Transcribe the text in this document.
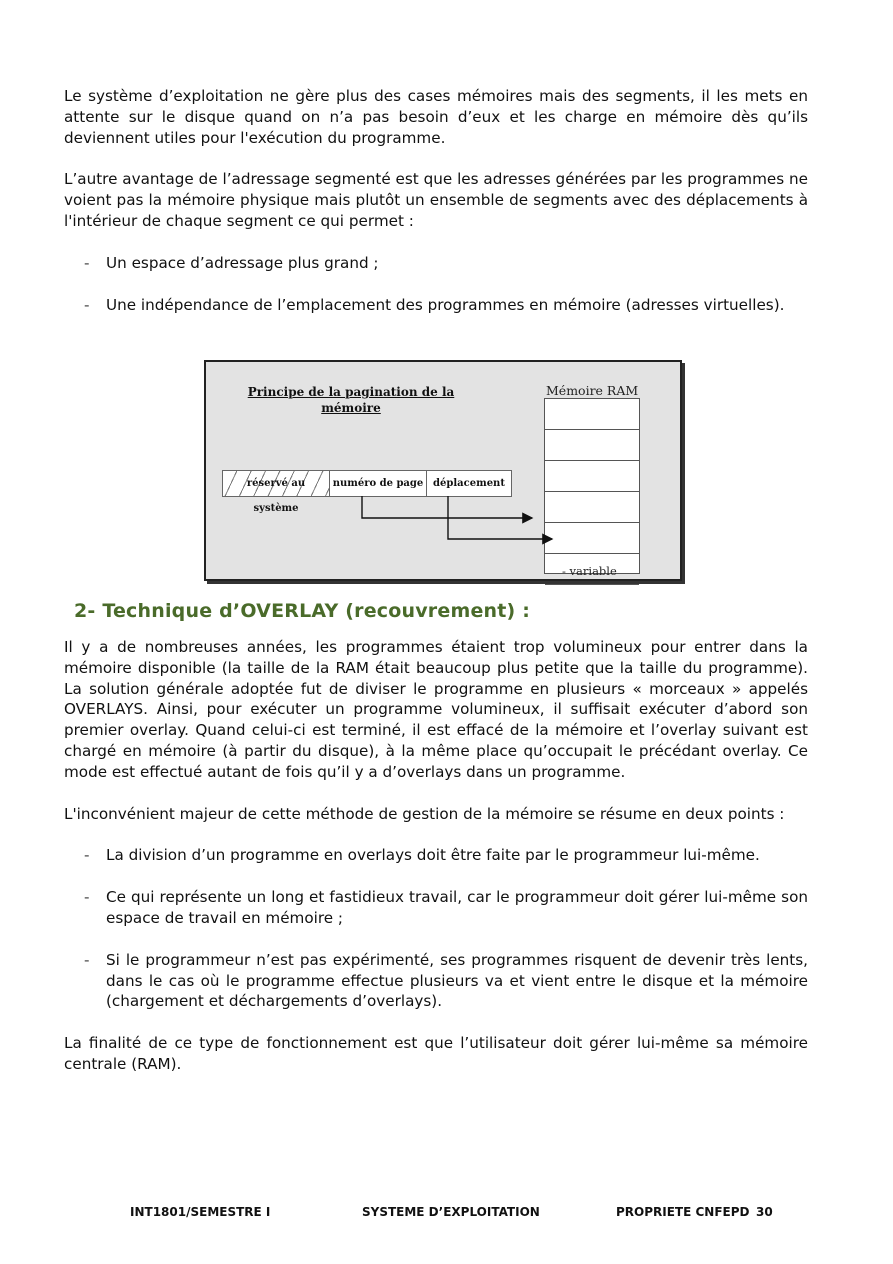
Le système d’exploitation ne gère plus des cases mémoires mais des segments, il les mets en attente sur le disque quand on n’a pas besoin d’eux et les charge en mémoire dès qu’ils deviennent utiles pour l'exécution du programme.

L’autre avantage de l’adressage segmenté est que les adresses générées par les programmes ne voient pas la mémoire physique mais plutôt un ensemble de segments avec des déplacements à l'intérieur de chaque segment ce qui permet :

- Un espace d’adressage plus grand ;

- Une indépendance de l’emplacement des programmes en mémoire (adresses virtuelles).

Principe de la pagination de la mémoire
Mémoire RAM
- variable
réservé au système
numéro de page déplacement
2- Technique d’OVERLAY (recouvrement) :

Il y a de nombreuses années, les programmes étaient trop volumineux pour entrer dans la mémoire disponible (la taille de la RAM était beaucoup plus petite que la taille du programme). La solution générale adoptée fut de diviser le programme en plusieurs « morceaux » appelés OVERLAYS. Ainsi, pour exécuter un programme volumineux, il suffisait exécuter d’abord son premier overlay. Quand celui-ci est terminé, il est effacé de la mémoire et l’overlay suivant est chargé en mémoire (à partir du disque), à la même place qu’occupait le précédant overlay. Ce mode est effectué autant de fois qu’il y a d’overlays dans un programme.

L'inconvénient majeur de cette méthode de gestion de la mémoire se résume en deux points :

- La division d’un programme en overlays doit être faite par le programmeur lui-même.

- Ce qui représente un long et fastidieux travail, car le programmeur doit gérer lui-même son espace de travail en mémoire ;

- Si le programmeur n’est pas expérimenté, ses programmes risquent de devenir très lents, dans le cas où le programme effectue plusieurs va et vient entre le disque et la mémoire (chargement et déchargements d’overlays).

La finalité de ce type de fonctionnement est que l’utilisateur doit gérer lui-même sa mémoire centrale (RAM).

INT1801/SEMESTRE I	SYSTEME D’EXPLOITATION	PROPRIETE CNFEPD 30
